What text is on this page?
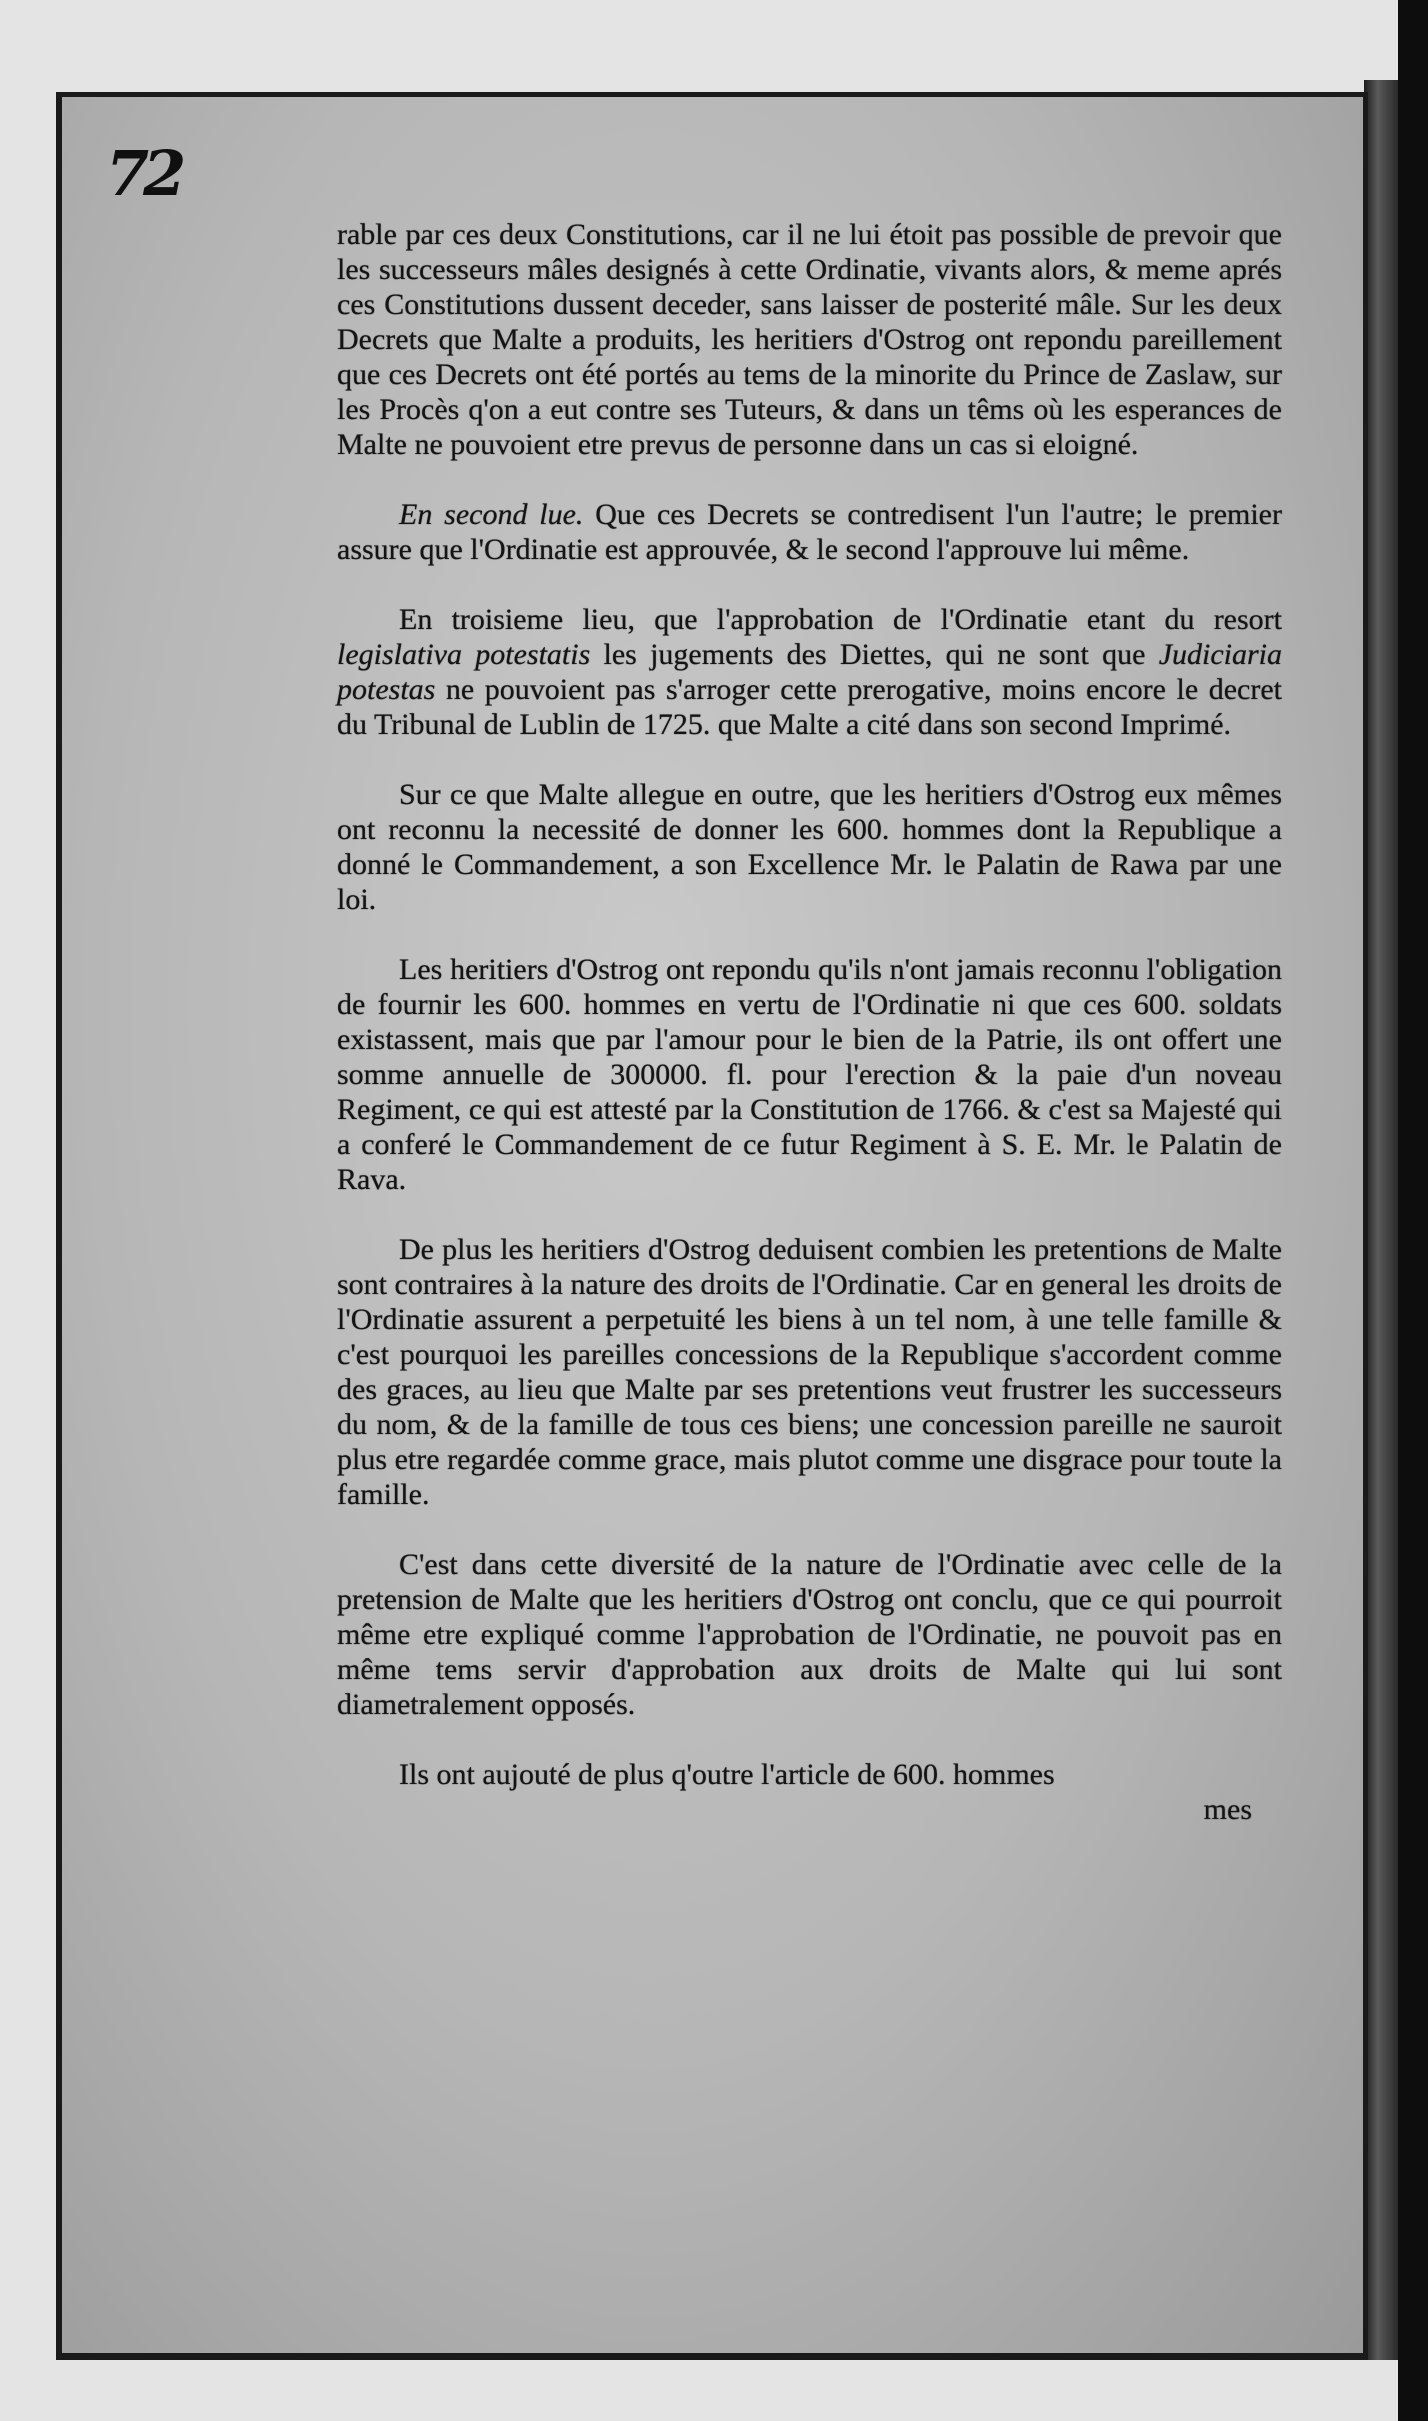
72

rable par ces deux Constitutions, car il ne lui étoit pas possible de prevoir que les successeurs mâles designés à cette Ordinatie, vivants alors, & meme aprés ces Constitutions dussent deceder, sans laisser de posterité mâle. Sur les deux Decrets que Malte a produits, les heritiers d'Ostrog ont repondu pareillement que ces Decrets ont été portés au tems de la minorite du Prince de Zaslaw, sur les Procès q'on a eut contre ses Tuteurs, & dans un têms où les esperances de Malte ne pouvoient etre prevus de personne dans un cas si eloigné.

En second lue. Que ces Decrets se contredisent l'un l'autre; le premier assure que l'Ordinatie est approuvée, & le second l'approuve lui même.

En troisieme lieu, que l'approbation de l'Ordinatie etant du resort legislativa potestatis les jugements des Diettes, qui ne sont que Judiciaria potestas ne pouvoient pas s'arroger cette prerogative, moins encore le decret du Tribunal de Lublin de 1725. que Malte a cité dans son second Imprimé.

Sur ce que Malte allegue en outre, que les heritiers d'Ostrog eux mêmes ont reconnu la necessité de donner les 600. hommes dont la Republique a donné le Commandement, a son Excellence Mr. le Palatin de Rawa par une loi.

Les heritiers d'Ostrog ont repondu qu'ils n'ont jamais reconnu l'obligation de fournir les 600. hommes en vertu de l'Ordinatie ni que ces 600. soldats existassent, mais que par l'amour pour le bien de la Patrie, ils ont offert une somme annuelle de 300000. fl. pour l'erection & la paie d'un noveau Regiment, ce qui est attesté par la Constitution de 1766. & c'est sa Majesté qui a conferé le Commandement de ce futur Regiment à S. E. Mr. le Palatin de Rava.

De plus les heritiers d'Ostrog deduisent combien les pretentions de Malte sont contraires à la nature des droits de l'Ordinatie. Car en general les droits de l'Ordinatie assurent a perpetuité les biens à un tel nom, à une telle famille & c'est pourquoi les pareilles concessions de la Republique s'accordent comme des graces, au lieu que Malte par ses pretentions veut frustrer les successeurs du nom, & de la famille de tous ces biens; une concession pareille ne sauroit plus etre regardée comme grace, mais plutot comme une disgrace pour toute la famille.

C'est dans cette diversité de la nature de l'Ordinatie avec celle de la pretension de Malte que les heritiers d'Ostrog ont conclu, que ce qui pourroit même etre expliqué comme l'approbation de l'Ordinatie, ne pouvoit pas en même tems servir d'approbation aux droits de Malte qui lui sont diametralement opposés.

Ils ont aujouté de plus q'outre l'article de 600. hommes

mes
